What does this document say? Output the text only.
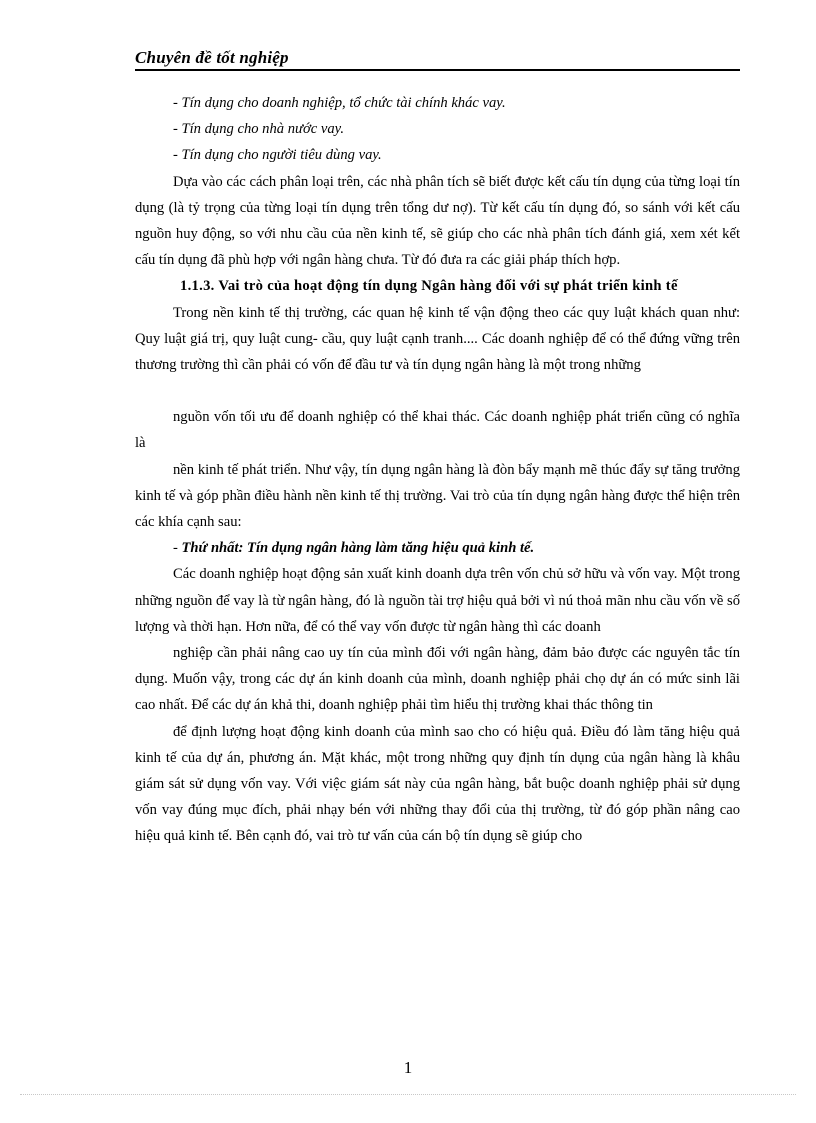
Chuyên đề tốt nghiệp

- Tín dụng cho doanh nghiệp, tổ chức tài chính khác vay.

- Tín dụng cho nhà nước vay.

- Tín dụng cho người tiêu dùng vay.

Dựa vào các cách phân loại trên, các nhà phân tích sẽ biết được kết cấu tín dụng của từng loại tín dụng (là tỷ trọng của từng loại tín dụng trên tổng dư nợ). Từ kết cấu tín dụng đó, so sánh với kết cấu nguồn huy động, so với nhu cầu của nền kinh tế, sẽ giúp cho các nhà phân tích đánh giá, xem xét kết cấu tín dụng đã phù hợp với ngân hàng chưa. Từ đó đưa ra các giải pháp thích hợp.

1.1.3. Vai trò của hoạt động tín dụng Ngân hàng đối với sự phát triển kinh tế

Trong nền kinh tế thị trường, các quan hệ kinh tế vận động theo các quy luật khách quan như: Quy luật giá trị, quy luật cung- cầu, quy luật cạnh tranh.... Các doanh nghiệp để có thể đứng vững trên thương trường thì cần phải có vốn để đầu tư và tín dụng ngân hàng là một trong những

nguồn vốn tối ưu để doanh nghiệp có thể khai thác. Các doanh nghiệp phát triển cũng có nghĩa là

nền kinh tế phát triển. Như vậy, tín dụng ngân hàng là đòn bẩy mạnh mẽ thúc đẩy sự tăng trưởng kinh tế và góp phần điều hành nền kinh tế thị trường. Vai trò của tín dụng ngân hàng được thể hiện trên các khía cạnh sau:

- Thứ nhất: Tín dụng ngân hàng làm tăng hiệu quả kinh tế.

Các doanh nghiệp hoạt động sản xuất kinh doanh dựa trên vốn chủ sở hữu và vốn vay. Một trong những nguồn để vay là từ ngân hàng, đó là nguồn tài trợ hiệu quả bởi vì nú thoả mãn nhu cầu vốn về số lượng và thời hạn. Hơn nữa, để có thể vay vốn được từ ngân hàng thì các doanh

nghiệp cần phải nâng cao uy tín của mình đối với ngân hàng, đảm bảo được các nguyên tắc tín dụng. Muốn vậy, trong các dự án kinh doanh của mình, doanh nghiệp phải chọ dự án có mức sinh lãi cao nhất. Để các dự án khả thi, doanh nghiệp phải tìm hiểu thị trường khai thác thông tin

để định lượng hoạt động kinh doanh của mình sao cho có hiệu quả. Điều đó làm tăng hiệu quả kinh tế của dự án, phương án. Mặt khác, một trong những quy định tín dụng của ngân hàng là khâu giám sát sử dụng vốn vay. Với việc giám sát này của ngân hàng, bắt buộc doanh nghiệp phải sử dụng vốn vay đúng mục đích, phải nhạy bén với những thay đổi của thị trường, từ đó góp phần nâng cao hiệu quả kinh tế. Bên cạnh đó, vai trò tư vấn của cán bộ tín dụng sẽ giúp cho

1
